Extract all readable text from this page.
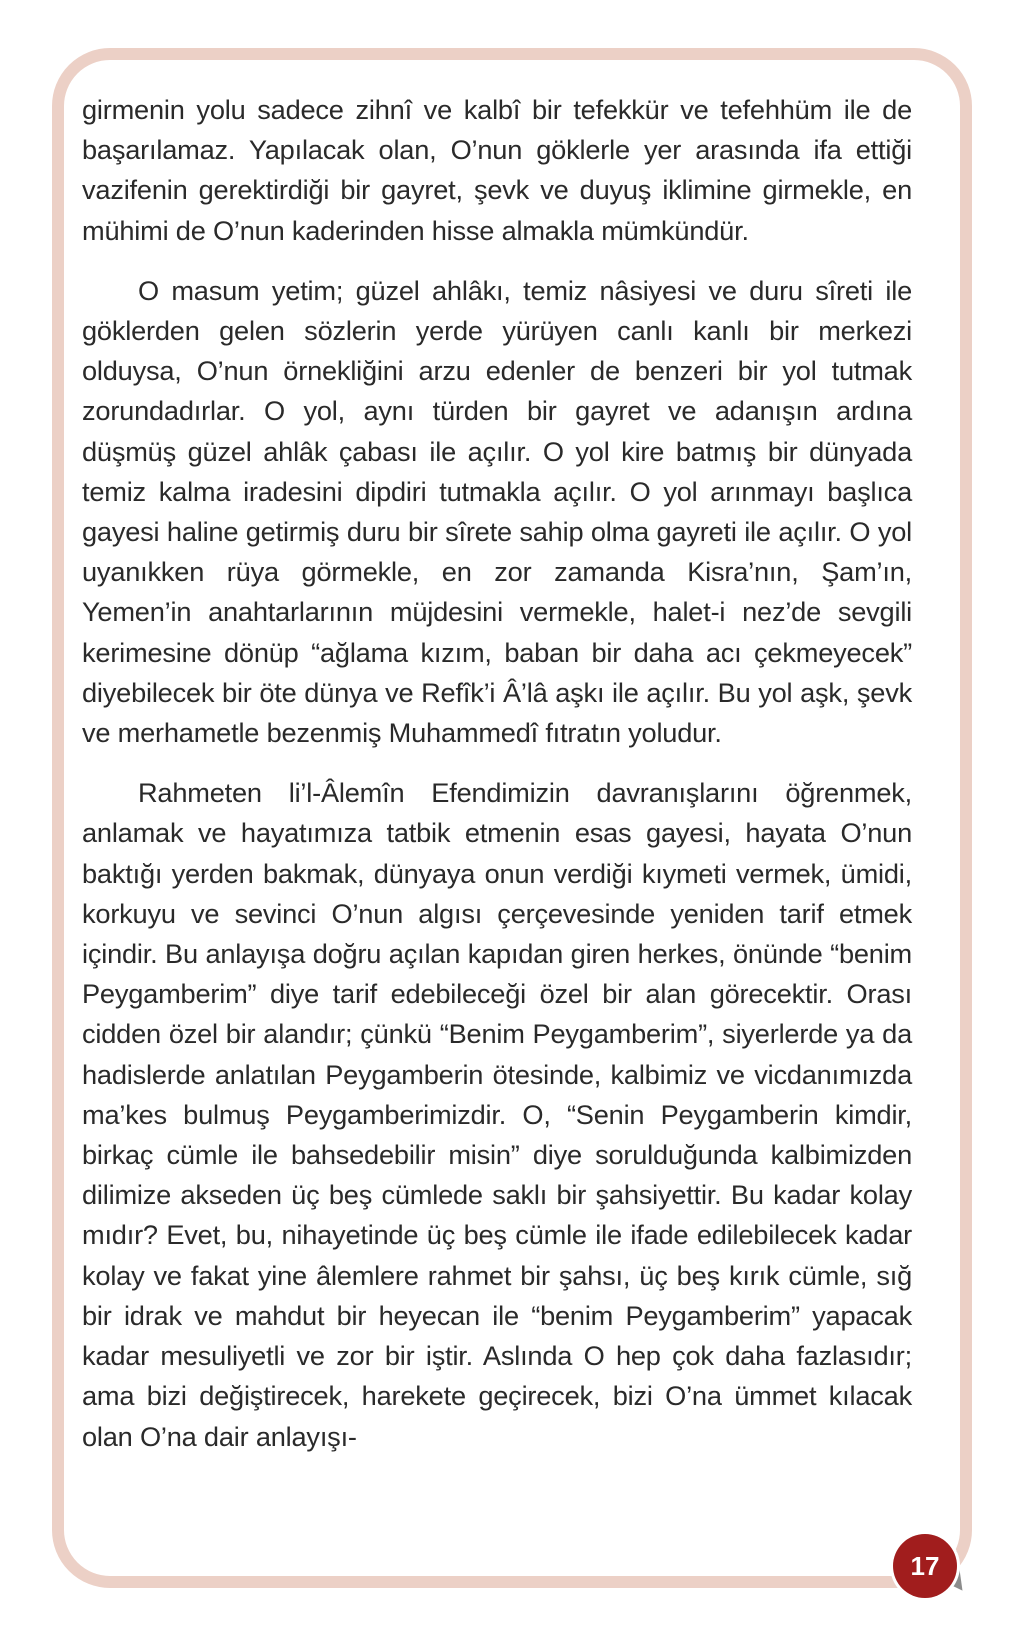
girmenin yolu sadece zihnî ve kalbî bir tefekkür ve tefehhüm ile de başarılamaz. Yapılacak olan, O’nun göklerle yer arasında ifa ettiği vazifenin gerektirdiği bir gayret, şevk ve duyuş iklimine girmekle, en mühimi de O’nun kaderinden hisse almakla mümkündür.

O masum yetim; güzel ahlâkı, temiz nâsiyesi ve duru sîreti ile göklerden gelen sözlerin yerde yürüyen canlı kanlı bir merkezi olduysa, O’nun örnekliğini arzu edenler de benzeri bir yol tutmak zorundadırlar. O yol, aynı türden bir gayret ve adanışın ardına düşmüş güzel ahlâk çabası ile açılır. O yol kire batmış bir dünyada temiz kalma iradesini dipdiri tutmakla açılır. O yol arınmayı başlıca gayesi haline getirmiş duru bir sîrete sahip olma gayreti ile açılır. O yol uyanıkken rüya görmekle, en zor zamanda Kisra’nın, Şam’ın, Yemen’in anahtarlarının müjdesini vermekle, halet-i nez’de sevgili kerimesine dönüp “ağlama kızım, baban bir daha acı çekmeyecek” diyebilecek bir öte dünya ve Refîk’i Â’lâ aşkı ile açılır. Bu yol aşk, şevk ve merhametle bezenmiş Muhammedî fıtratın yoludur.

Rahmeten li’l-Âlemîn Efendimizin davranışlarını öğrenmek, anlamak ve hayatımıza tatbik etmenin esas gayesi, hayata O’nun baktığı yerden bakmak, dünyaya onun verdiği kıymeti vermek, ümidi, korkuyu ve sevinci O’nun algısı çerçevesinde yeniden tarif etmek içindir. Bu anlayışa doğru açılan kapıdan giren herkes, önünde “benim Peygamberim” diye tarif edebileceği özel bir alan görecektir. Orası cidden özel bir alandır; çünkü “Benim Peygamberim”, siyerlerde ya da hadislerde anlatılan Peygamberin ötesinde, kalbimiz ve vicdanımızda ma’kes bulmuş Peygamberimizdir. O, “Senin Peygamberin kimdir, birkaç cümle ile bahsedebilir misin” diye sorulduğunda kalbimizden dilimize akseden üç beş cümlede saklı bir şahsiyettir. Bu kadar kolay mıdır? Evet, bu, nihayetinde üç beş cümle ile ifade edilebilecek kadar kolay ve fakat yine âlemlere rahmet bir şahsı, üç beş kırık cümle, sığ bir idrak ve mahdut bir heyecan ile “benim Peygamberim” yapacak kadar mesuliyetli ve zor bir iştir. Aslında O hep çok daha fazlasıdır; ama bizi değiştirecek, harekete geçirecek, bizi O’na ümmet kılacak olan O’na dair anlayışı-

17
